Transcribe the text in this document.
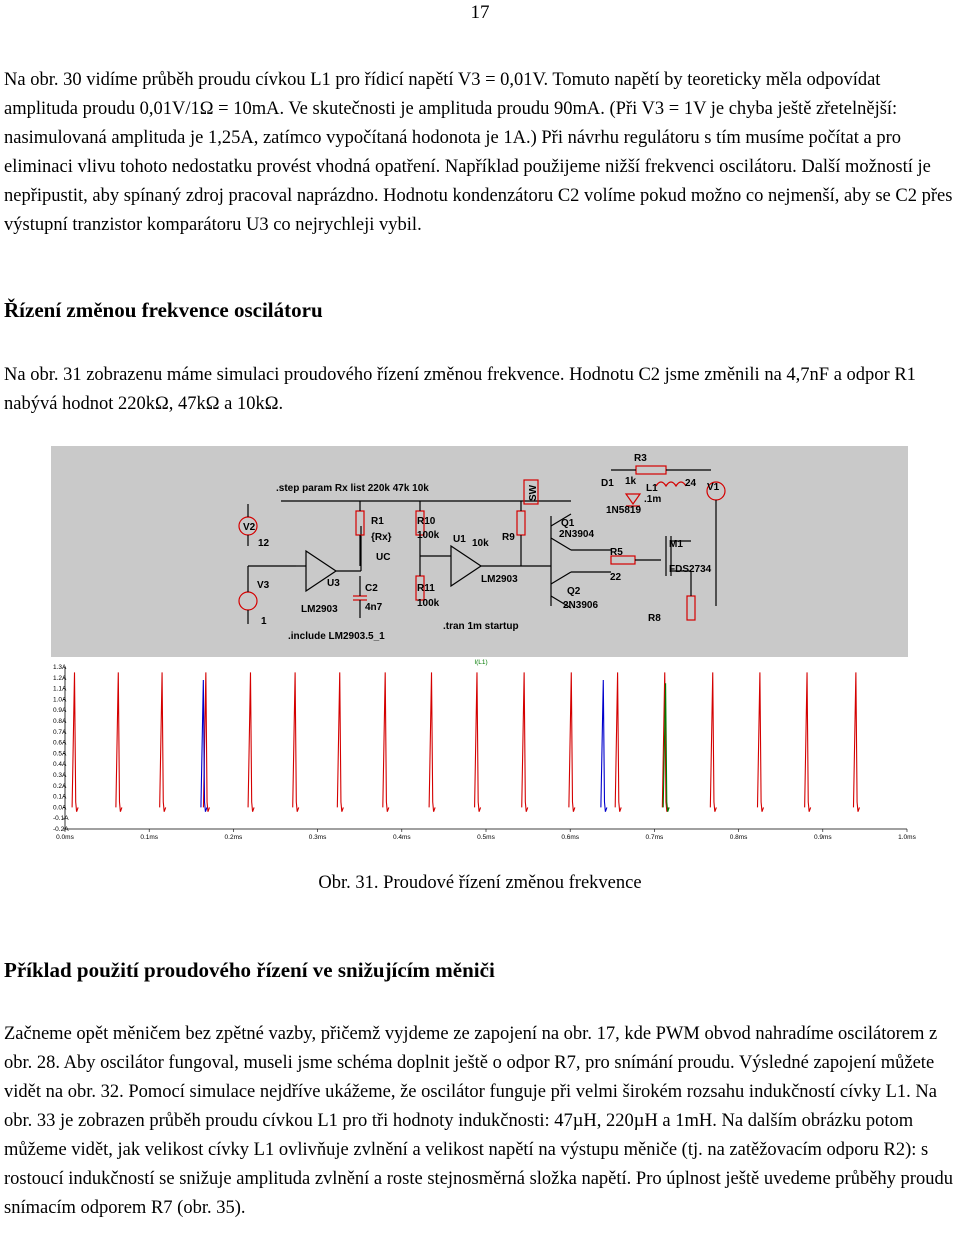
17

Na obr. 30 vidíme průběh proudu cívkou L1 pro řídicí napětí V3 = 0,01V. Tomuto napětí by teoreticky měla odpovídat amplituda proudu 0,01V/1Ω = 10mA. Ve skutečnosti je amplituda proudu 90mA. (Při V3 = 1V je chyba ještě zřetelnější: nasimulovaná amplituda je 1,25A, zatímco vypočítaná hodonota je 1A.) Při návrhu regulátoru s tím musíme počítat a pro eliminaci vlivu tohoto nedostatku provést vhodná opatření. Například použijeme nižší frekvenci oscilátoru. Další možností je nepřipustit, aby spínaný zdroj pracoval naprázdno. Hodnotu kondenzátoru C2 volíme pokud možno co nejmenší, aby se C2 přes výstupní tranzistor komparátoru U3 co nejrychleji vybil.

Řízení změnou frekvence oscilátoru

Na obr. 31 zobrazenu máme simulaci proudového řízení změnou frekvence. Hodnotu C2 jsme změnili na 4,7nF a odpor R1 nabývá hodnot 220kΩ, 47kΩ a 10kΩ.

.step param Rx list 220k 47k 10k
.include LM2903.5_1
.tran 1m startup
V2
12
V3
1
U3
LM2903
R1
{Rx}
UC
C2
4n7
R10
100k
R11
100k
U1
LM2903
R9
10k
SW
Q1
2N3904
Q2
2N3906
D1
1N5819
R3
1k
L1
.1m
24 V1
R5
22
M1
FDS2734
R8
1.3A
1.2A
1.1A
1.0A
0.9A
0.8A
0.7A
0.6A
0.5A
0.4A
0.3A
0.2A
0.1A
0.0A
-0.1A
-0.2A
0.0ms	0.1ms	0.2ms	0.3ms	0.4ms	0.5ms	0.6ms	0.7ms	0.8ms	0.9ms	1.0ms
I(L1)
Obr. 31. Proudové řízení změnou frekvence
Příklad použití proudového řízení ve snižujícím měniči

Začneme opět měničem bez zpětné vazby, přičemž vyjdeme ze zapojení na obr. 17, kde PWM obvod nahradíme oscilátorem z obr. 28. Aby oscilátor fungoval, museli jsme schéma doplnit ještě o odpor R7, pro snímání proudu. Výsledné zapojení můžete vidět na obr. 32. Pomocí simulace nejdříve ukážeme, že oscilátor funguje při velmi širokém rozsahu indukčností cívky L1. Na obr. 33 je zobrazen průběh proudu cívkou L1 pro tři hodnoty indukčnosti: 47µH, 220µH a 1mH. Na dalším obrázku potom můžeme vidět, jak velikost cívky L1 ovlivňuje zvlnění a velikost napětí na výstupu měniče (tj. na zatěžovacím odporu R2): s rostoucí indukčností se snižuje amplituda zvlnění a roste stejnosměrná složka napětí. Pro úplnost ještě uvedeme průběhy proudu snímacím odporem R7 (obr. 35).
